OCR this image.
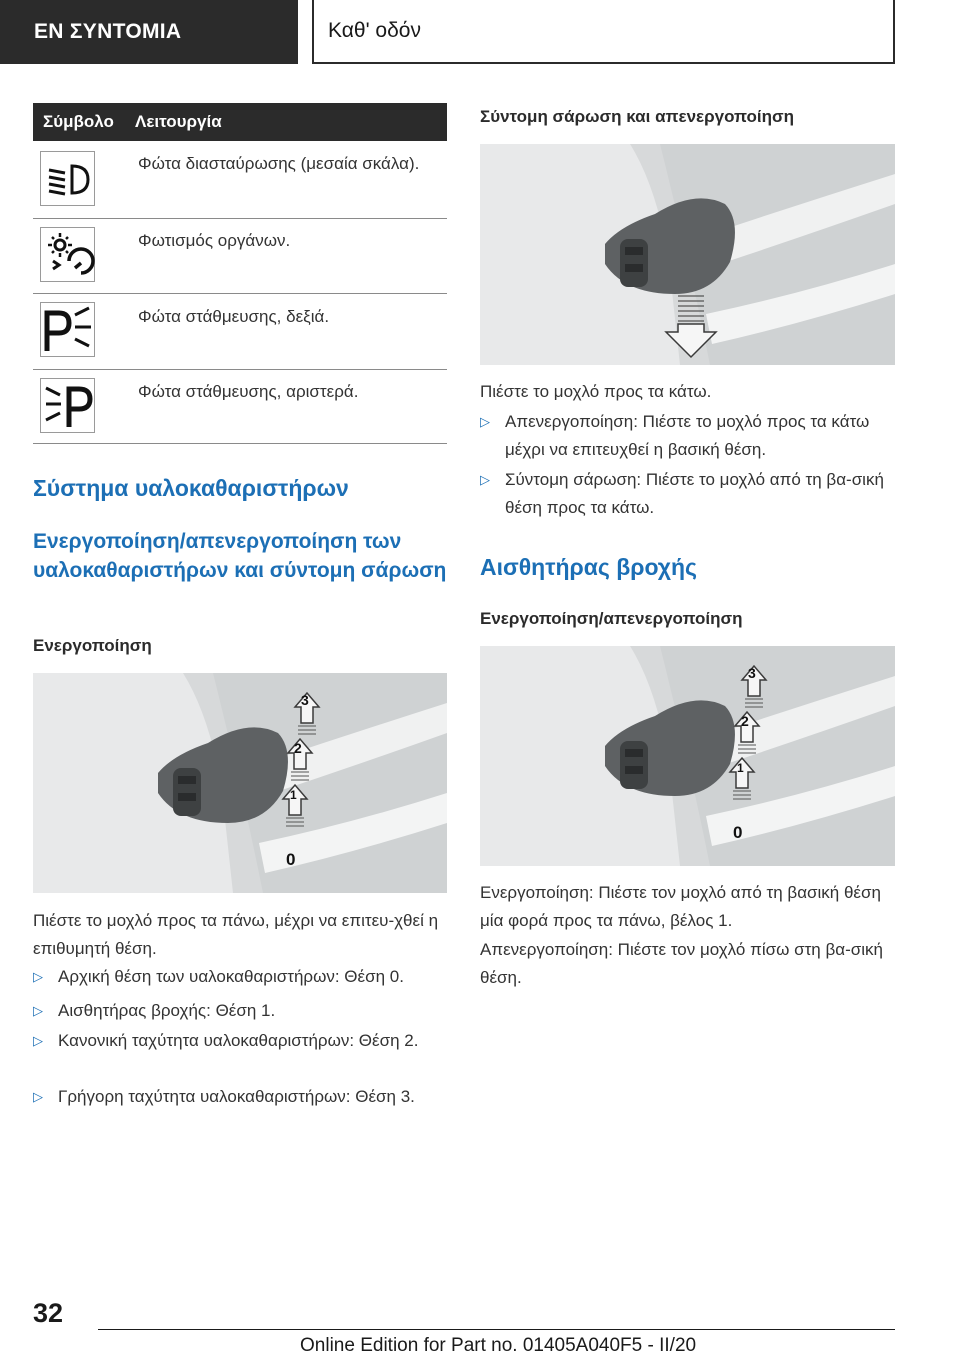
ΕΝ ΣΥΝΤΟΜΙΑ	Καθ' οδόν
Σύμβολο	Λειτουργία
Φώτα διασταύρωσης (μεσαία σκάλα).
Φωτισμός οργάνων.
Φώτα στάθμευσης, δεξιά.
Φώτα στάθμευσης, αριστερά.
Σύστημα υαλοκαθαριστήρων
Ενεργοποίηση/απενεργοποίηση των υαλοκαθαριστήρων και σύντομη σάρωση
Ενεργοποίηση
3
2
1
0
Πιέστε το μοχλό προς τα πάνω, μέχρι να επιτευ-χθεί η επιθυμητή θέση.
▷ Αρχική θέση των υαλοκαθαριστήρων: Θέση 0.
▷ Αισθητήρας βροχής: Θέση 1.
▷ Κανονική ταχύτητα υαλοκαθαριστήρων: Θέση 2.
▷ Γρήγορη ταχύτητα υαλοκαθαριστήρων: Θέση 3.
Σύντομη σάρωση και απενεργοποίηση
Πιέστε το μοχλό προς τα κάτω.
▷ Απενεργοποίηση: Πιέστε το μοχλό προς τα κάτω μέχρι να επιτευχθεί η βασική θέση.
▷ Σύντομη σάρωση: Πιέστε το μοχλό από τη βα-σική θέση προς τα κάτω.
Αισθητήρας βροχής
Ενεργοποίηση/απενεργοποίηση
3
2
1
0
Ενεργοποίηση: Πιέστε τον μοχλό από τη βασική θέση μία φορά προς τα πάνω, βέλος 1.
Απενεργοποίηση: Πιέστε τον μοχλό πίσω στη βα-σική θέση.
32
Online Edition for Part no. 01405A040F5 - II/20
